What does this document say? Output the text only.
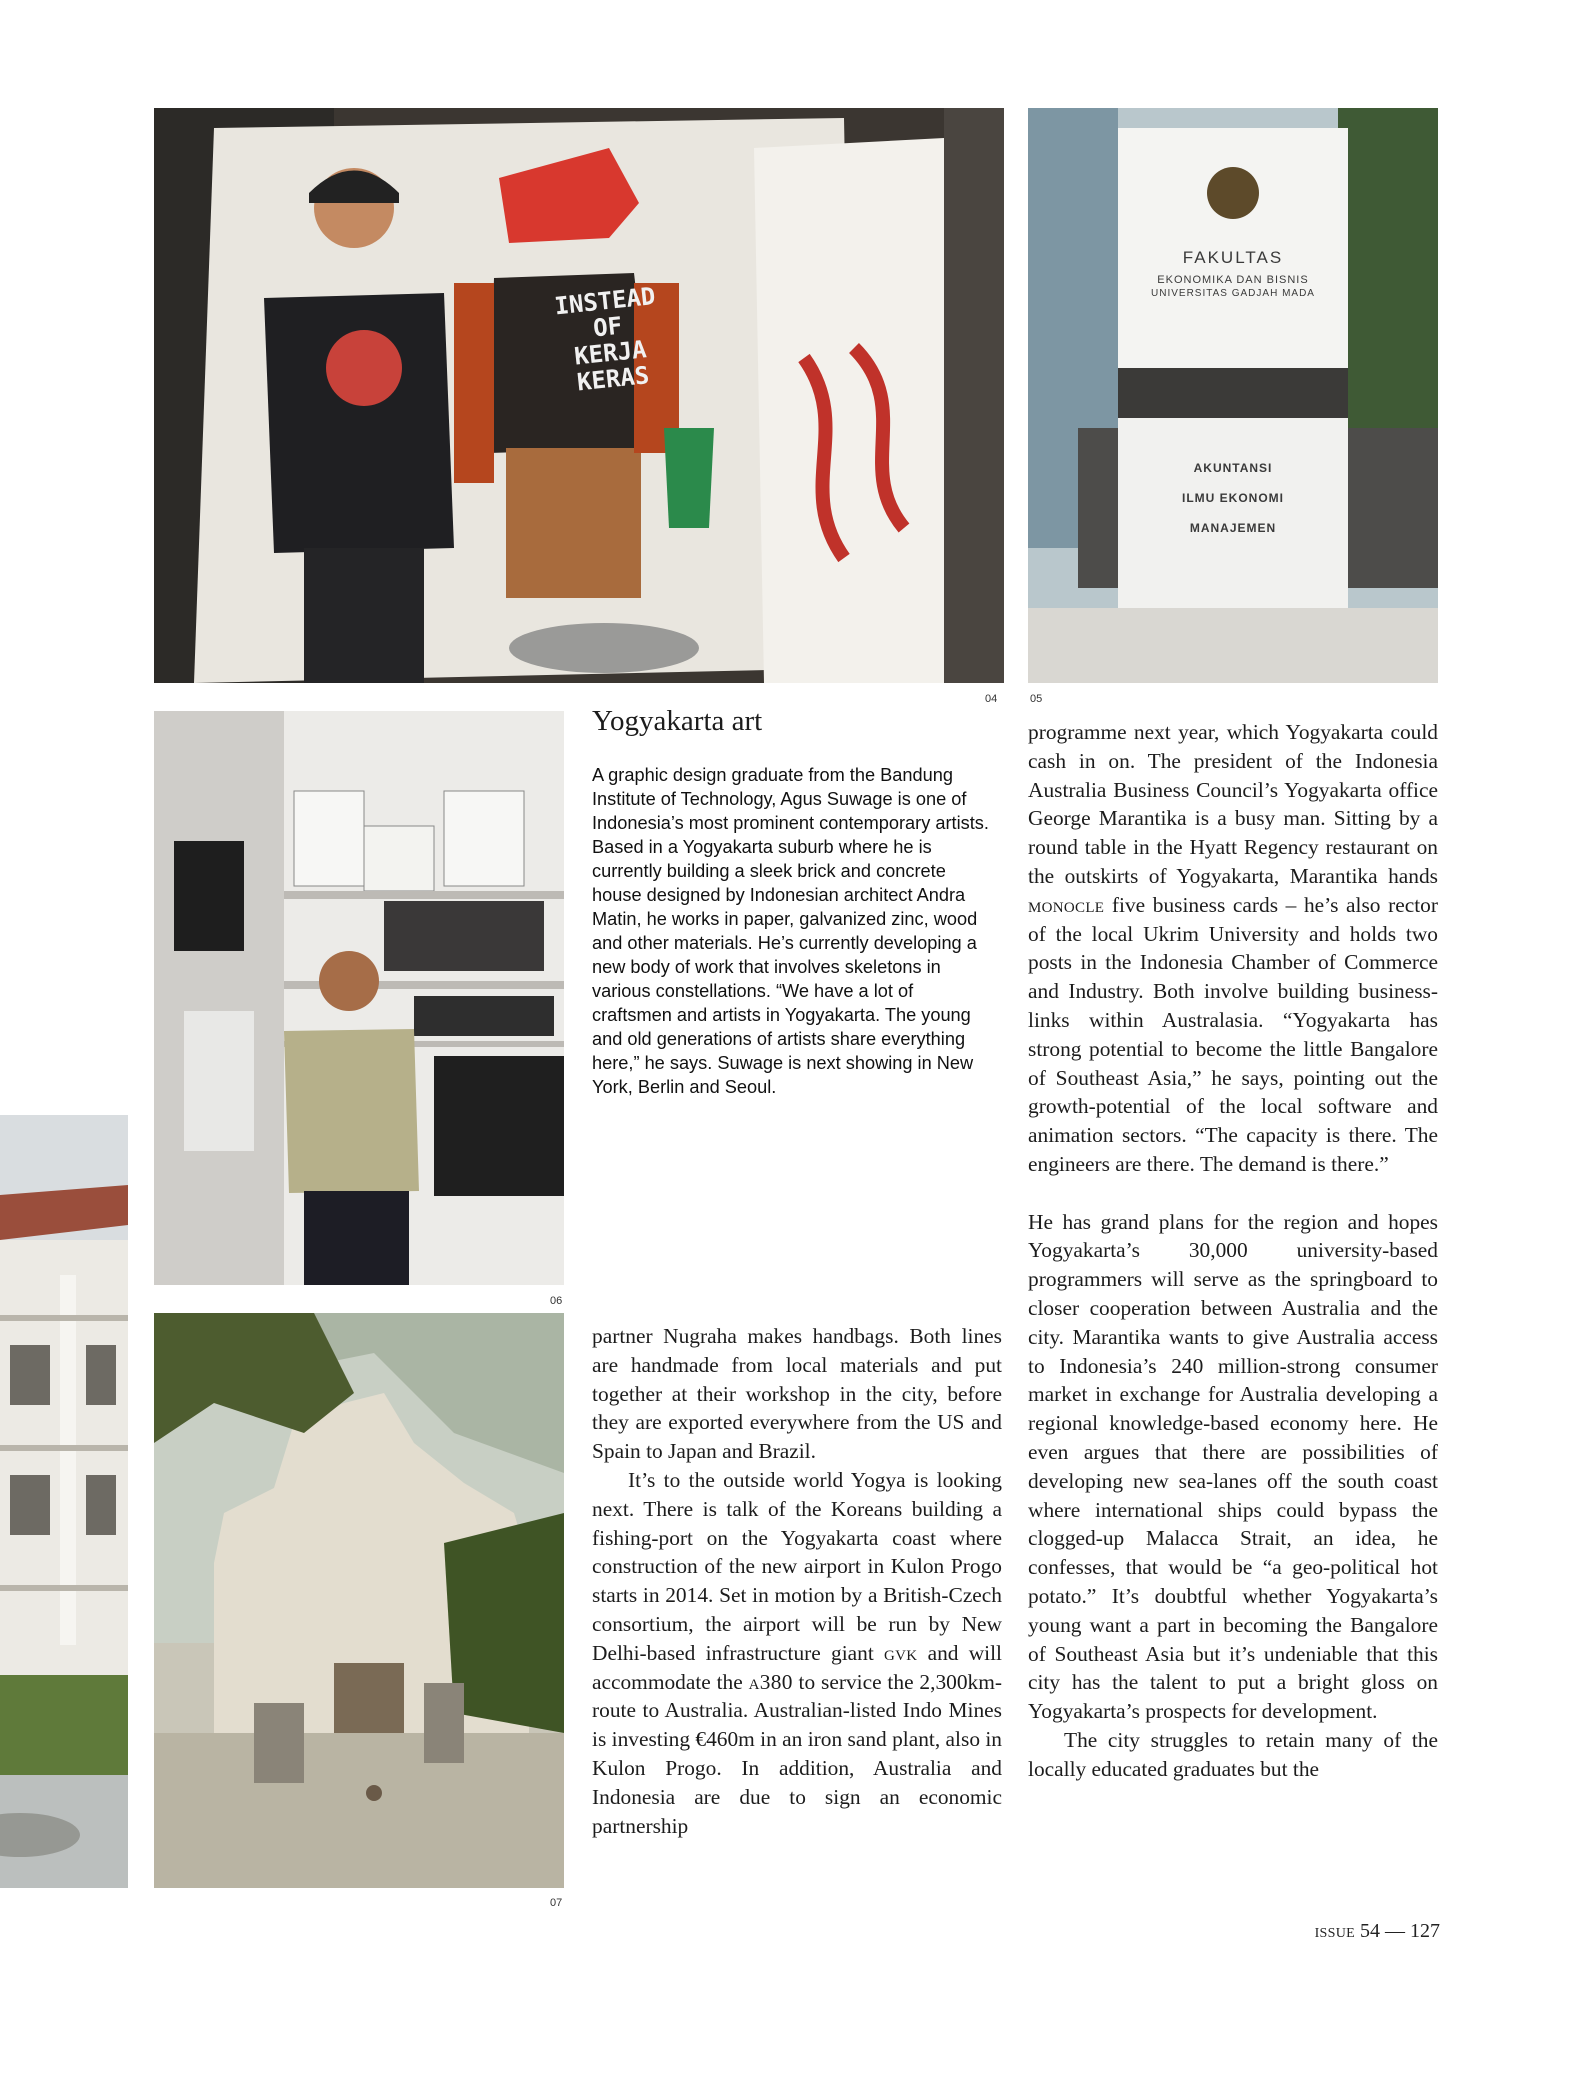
INSTEAD
OF
KERJA
KERAS
04
FAKULTAS
EKONOMIKA DAN BISNIS
UNIVERSITAS GADJAH MADA
AKUNTANSI
ILMU EKONOMI
MANAJEMEN
05
06
07
Yogyakarta art

A graphic design graduate from the Bandung Institute of Technology, Agus Suwage is one of Indonesia’s most prominent contemporary artists. Based in a Yogyakarta suburb where he is currently building a sleek brick and concrete house designed by Indonesian architect Andra Matin, he works in paper, galvanized zinc, wood and other materials. He’s currently developing a new body of work that involves skeletons in various constellations. “We have a lot of craftsmen and artists in Yogyakarta. The young and old generations of artists share everything here,” he says. Suwage is next showing in New York, Berlin and Seoul.

partner Nugraha makes handbags. Both lines are handmade from local materials and put together at their workshop in the city, before they are exported everywhere from the US and Spain to Japan and Brazil.

It’s to the outside world Yogya is looking next. There is talk of the Koreans building a fishing-port on the Yogyakarta coast where construction of the new airport in Kulon Progo starts in 2014. Set in motion by a British-Czech consortium, the airport will be run by New Delhi-based infrastructure giant gvk and will accommodate the a380 to service the 2,300km-route to Australia. Australian-listed Indo Mines is investing €460m in an iron sand plant, also in Kulon Progo. In addition, Australia and Indonesia are due to sign an economic partnership

programme next year, which Yogyakarta could cash in on. The president of the Indonesia Australia Business Council’s Yogyakarta office George Marantika is a busy man. Sitting by a round table in the Hyatt Regency restaurant on the outskirts of Yogyakarta, Marantika hands monocle five business cards – he’s also rector of the local Ukrim University and holds two posts in the Indonesia Chamber of Commerce and Industry. Both involve building business-links within Australasia. “Yogyakarta has strong potential to become the little Bangalore of Southeast Asia,” he says, pointing out the growth-potential of the local software and animation sectors. “The capacity is there. The engineers are there. The demand is there.”

He has grand plans for the region and hopes Yogyakarta’s 30,000 university-based programmers will serve as the springboard to closer cooperation between Australia and the city. Marantika wants to give Australia access to Indonesia’s 240 million-strong consumer market in exchange for Australia developing a regional knowledge-based economy here. He even argues that there are possibilities of developing new sea-lanes off the south coast where international ships could bypass the clogged-up Malacca Strait, an idea, he confesses, that would be “a geo-political hot potato.” It’s doubtful whether Yogyakarta’s young want a part in becoming the Bangalore of Southeast Asia but it’s undeniable that this city has the talent to put a bright gloss on Yogyakarta’s prospects for development.

The city struggles to retain many of the locally educated graduates but the

issue 54 — 127
